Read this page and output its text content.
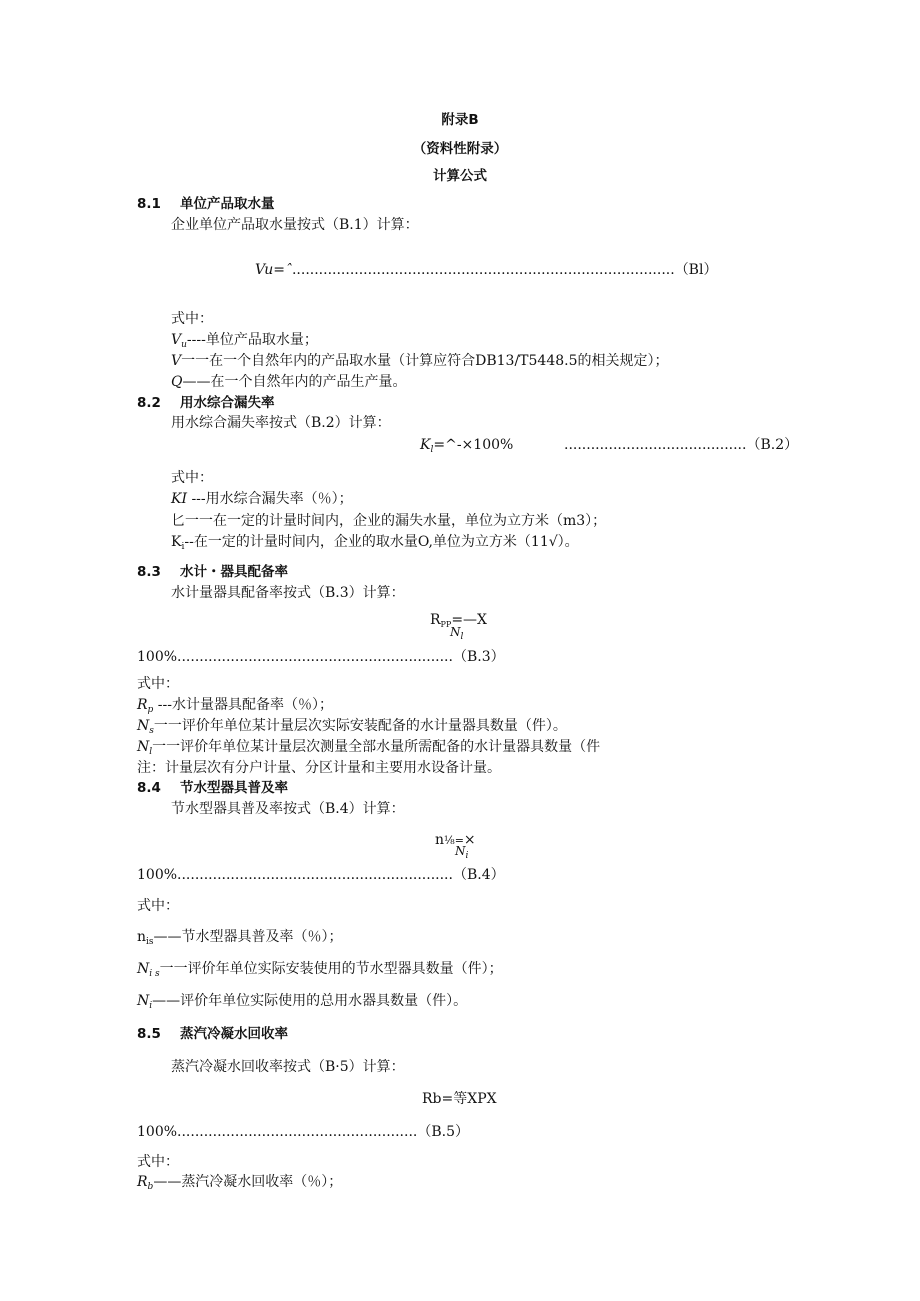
附录B
（资料性附录）
计算公式
8.1 单位产品取水量
企业单位产品取水量按式（B.1）计算：
Vu=ˆ......................................................................................（Bl）
式中：
$V_u----$单位产品取水量；
V一一在一个自然年内的产品取水量（计算应符合DB13/T5448.5的相关规定）；
Q——在一个自然年内的产品生产量。
8.2 用水综合漏失率
用水综合漏失率按式（B.2）计算：
$K_l=\^{}-\times 100\%$	.........................................（B.2）
式中：
KI ---用水综合漏失率（％）；
匕一一在一定的计量时间内，企业的漏失水量，单位为立方米（m3）；
$K_i--$在一定的计量时间内，企业的取水量O,单位为立方米（11√）。
8.3 水计・器具配备率
水计量器具配备率按式（B.3）计算：
$R_{PP}=—X$
$N_l$
100%..............................................................（B.3）
式中：
$R_p$ ---水计量器具配备率（％）；
$N_s$一一评价年单位某计量层次实际安装配备的水计量器具数量（件）。
$N_l$一一评价年单位某计量层次测量全部水量所需配备的水计量器具数量（件
注：计量层次有分户计量、分区计量和主要用水设备计量。
8.4 节水型器具普及率
节水型器具普及率按式（B.4）计算：
n⅛=×
$N_i$
100%..............................................................（B.4）
式中：
$n_{is}——$节水型器具普及率（％）；
$N_{i s}$一一评价年单位实际安装使用的节水型器具数量（件）；
$N_i——$评价年单位实际使用的总用水器具数量（件）。
8.5 蒸汽冷凝水回收率
蒸汽冷凝水回收率按式（B·5）计算：
Rb=等XPX
100%......................................................（B.5）
式中：
$R_b——$蒸汽冷凝水回收率（％）；
